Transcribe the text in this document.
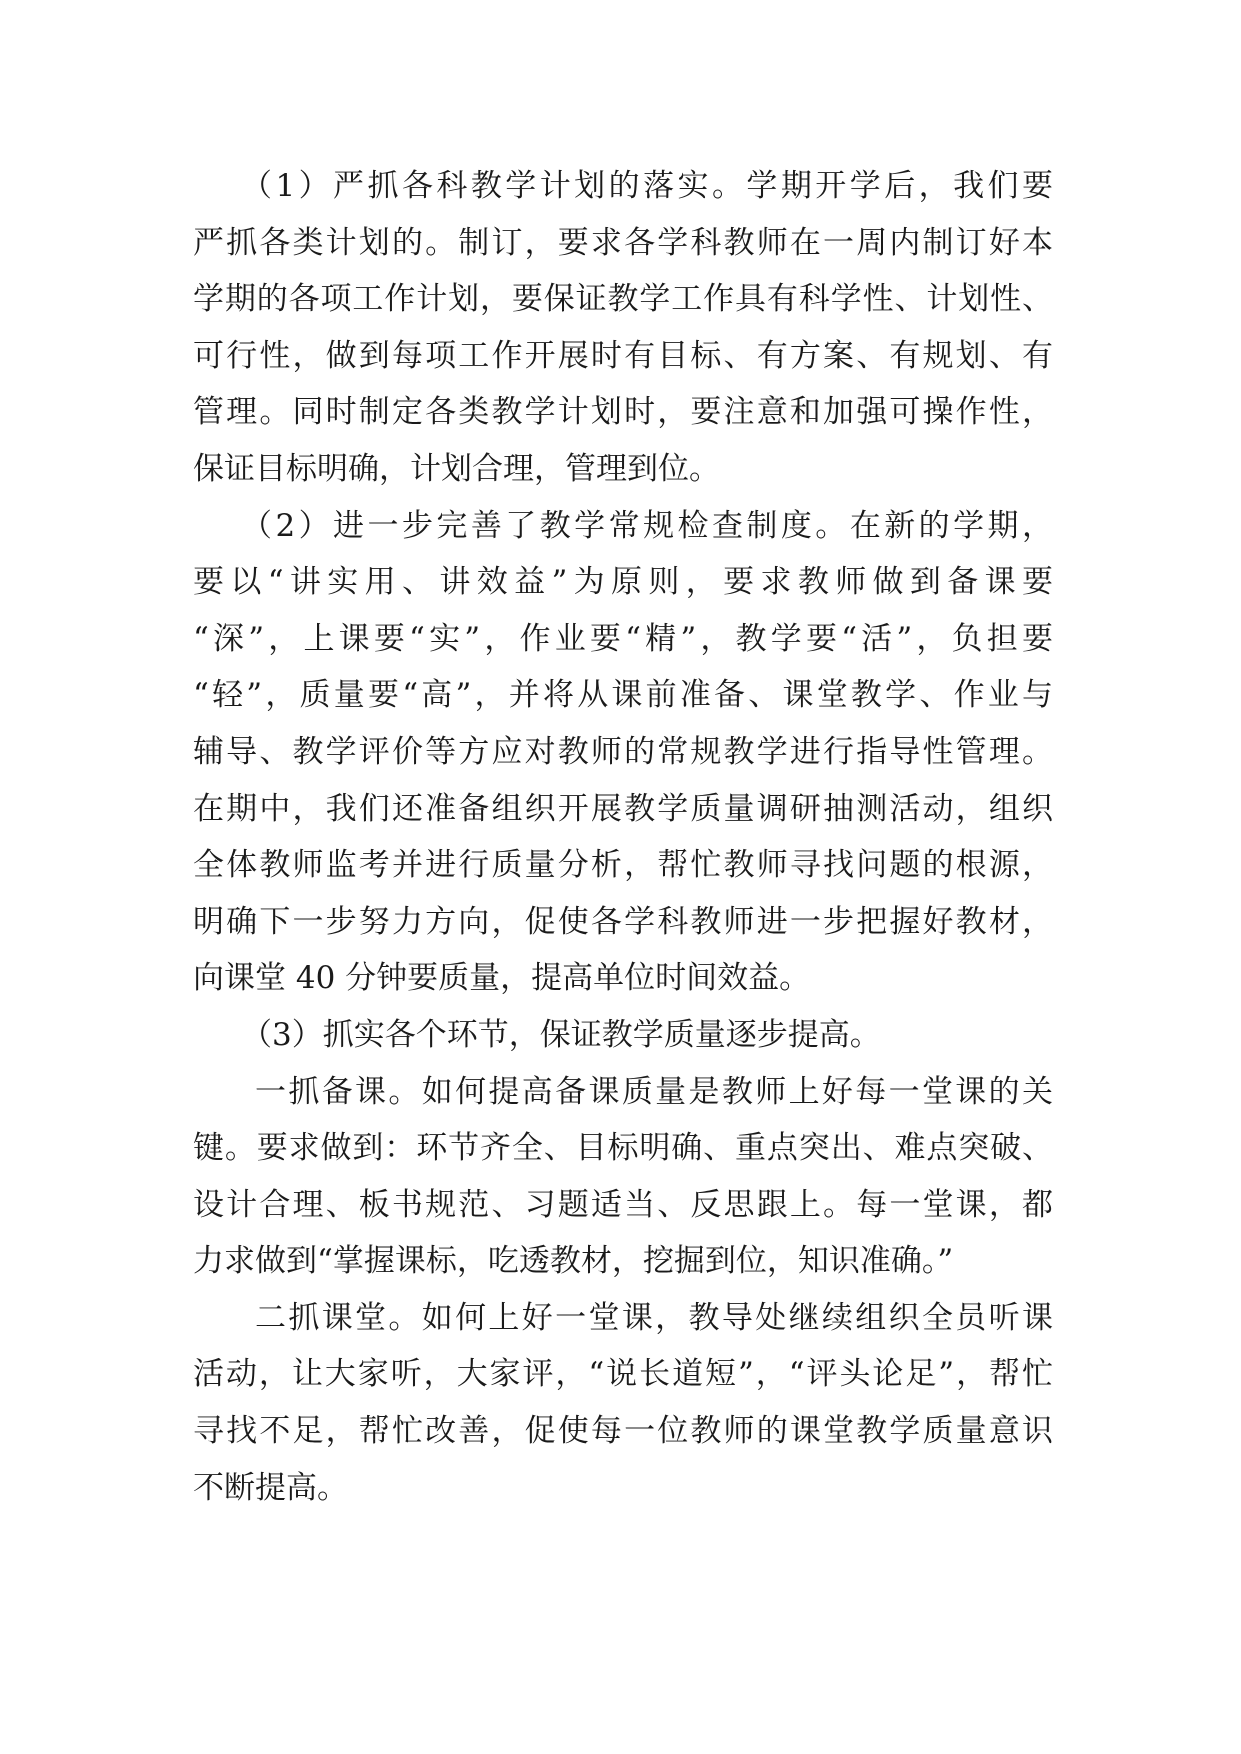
（1）严抓各科教学计划的落实。学期开学后，我们要
严抓各类计划的。制订，要求各学科教师在一周内制订好本
学期的各项工作计划，要保证教学工作具有科学性、计划性、
可行性，做到每项工作开展时有目标、有方案、有规划、有
管理。同时制定各类教学计划时，要注意和加强可操作性，
保证目标明确，计划合理，管理到位。
（2）进一步完善了教学常规检查制度。在新的学期，
要以“讲实用、讲效益”为原则，要求教师做到备课要
“深”，上课要“实”，作业要“精”，教学要“活”，负担要
“轻”，质量要“高”，并将从课前准备、课堂教学、作业与
辅导、教学评价等方应对教师的常规教学进行指导性管理。
在期中，我们还准备组织开展教学质量调研抽测活动，组织
全体教师监考并进行质量分析，帮忙教师寻找问题的根源，
明确下一步努力方向，促使各学科教师进一步把握好教材，
向课堂 40 分钟要质量，提高单位时间效益。
（3）抓实各个环节，保证教学质量逐步提高。
一抓备课。如何提高备课质量是教师上好每一堂课的关
键。要求做到：环节齐全、目标明确、重点突出、难点突破、
设计合理、板书规范、习题适当、反思跟上。每一堂课，都
力求做到“掌握课标，吃透教材，挖掘到位，知识准确。”
二抓课堂。如何上好一堂课，教导处继续组织全员听课
活动，让大家听，大家评，“说长道短”，“评头论足”，帮忙
寻找不足，帮忙改善，促使每一位教师的课堂教学质量意识
不断提高。
